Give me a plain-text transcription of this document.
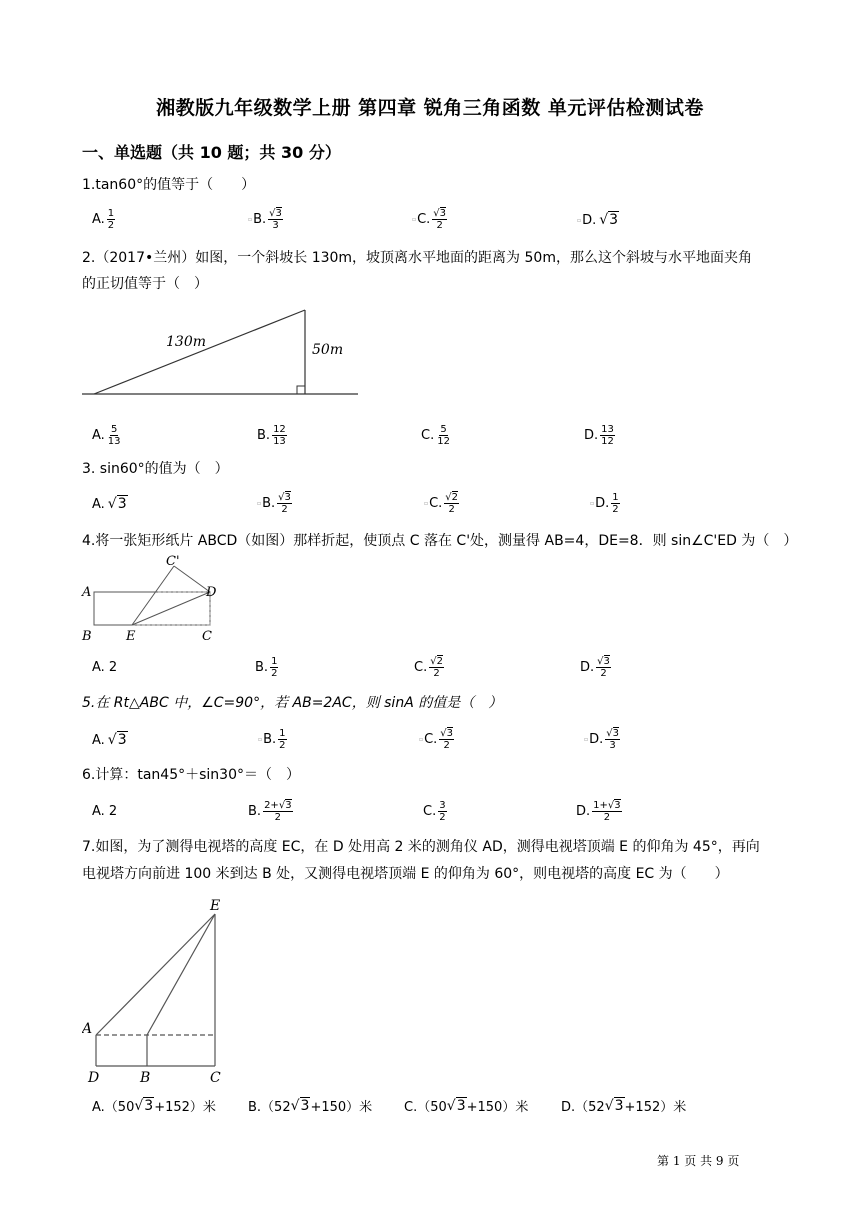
湘教版九年级数学上册 第四章 锐角三角函数 单元评估检测试卷
一、单选题（共 10 题；共 30 分）
1.tan60°的值等于（　　）
A. $\frac{1}{2}$	▫ B. $\frac{√3}{3}$	▫ C. $\frac{√3}{2}$	▫ D. √3
2.（2017•兰州）如图，一个斜坡长 130m，坡顶离水平地面的距离为 50m，那么这个斜坡与水平地面夹角
的正切值等于（　）
130m	50m
A. $\frac{5}{13}$	B. $\frac{12}{13}$	C. $\frac{5}{12}$	D. $\frac{13}{12}$
3. sin60°的值为（　）
A. √3	▫ B. $\frac{√3}{2}$	▫ C. $\frac{√2}{2}$	▫ D. $\frac{1}{2}$
4.将一张矩形纸片 ABCD（如图）那样折起，使顶点 C 落在 C'处，测量得 AB=4，DE=8．则 sin∠C'ED 为（　）
A
B	E	C
D
C'
A. 2	B. $\frac{1}{2}$	C. $\frac{√2}{2}$	D. $\frac{√3}{2}$
5.在 Rt△ABC 中，∠C=90°，若 AB=2AC，则 sinA 的值是（　）
A. √3	▫ B. $\frac{1}{2}$	▫ C. $\frac{√3}{2}$	▫ D. $\frac{√3}{3}$
6.计算：tan45°＋sin30°＝（　）
A. 2	B. $\frac{2+√3}{2}$	C. $\frac{3}{2}$	D. $\frac{1+√3}{2}$
7.如图，为了测得电视塔的高度 EC，在 D 处用高 2 米的测角仪 AD，测得电视塔顶端 E 的仰角为 45°，再向
电视塔方向前进 100 米到达 B 处，又测得电视塔顶端 E 的仰角为 60°，则电视塔的高度 EC 为（　　）
E
A
D	B	C
A.（50 √3 +152）米 B.（52 √3 +150）米 C.（50 √3 +150）米	D.（52 √3 +152）米
第 1 页 共 9 页
